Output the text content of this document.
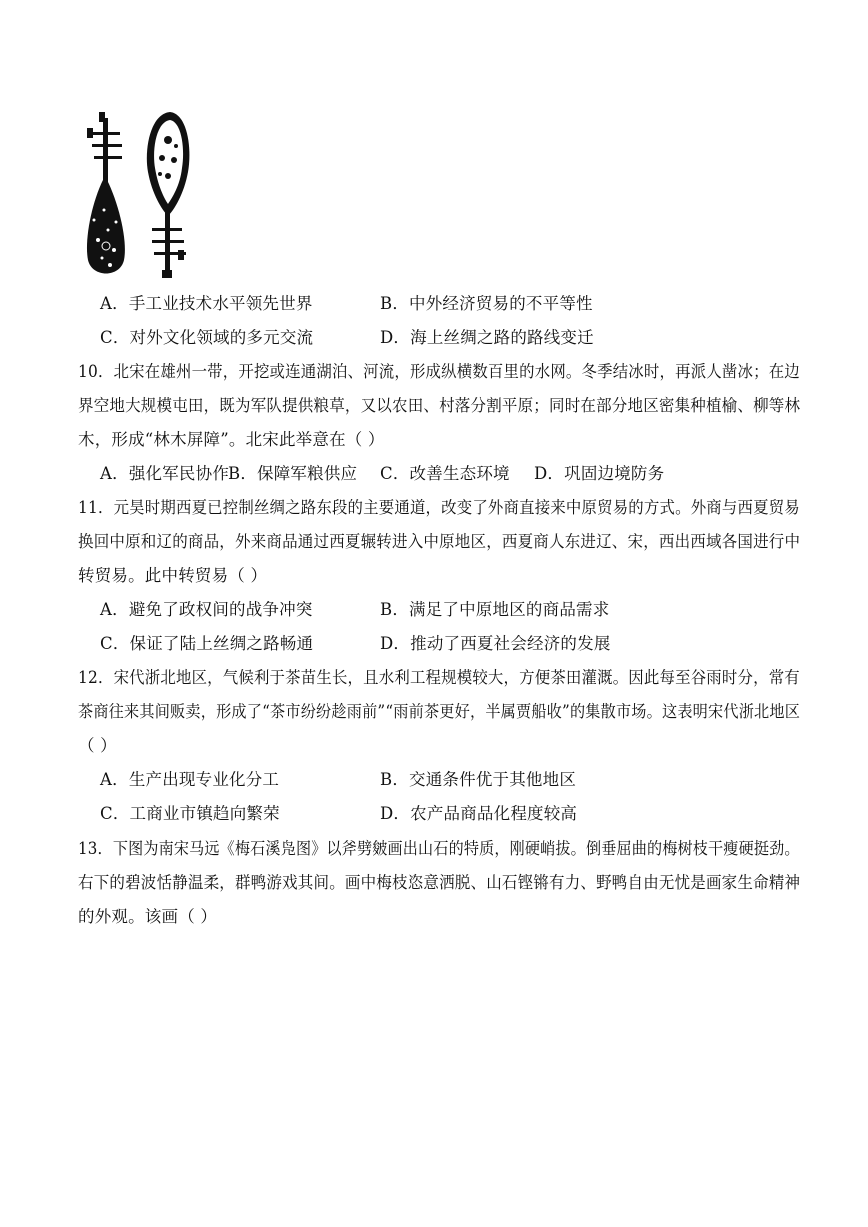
A．手工业技术水平领先世界	B．中外经济贸易的不平等性
C．对外文化领域的多元交流	D．海上丝绸之路的路线变迁
10．北宋在雄州一带，开挖或连通湖泊、河流，形成纵横数百里的水网。冬季结冰时，再派人凿冰；在边
界空地大规模屯田，既为军队提供粮草，又以农田、村落分割平原；同时在部分地区密集种植榆、柳等林
木，形成“林木屏障”。北宋此举意在（ ）
A．强化军民协作
B．保障军粮供应 C．改善生态环境 D．巩固边境防务
11．元昊时期西夏已控制丝绸之路东段的主要通道，改变了外商直接来中原贸易的方式。外商与西夏贸易
换回中原和辽的商品，外来商品通过西夏辗转进入中原地区，西夏商人东进辽、宋，西出西域各国进行中
转贸易。此中转贸易（ ）
A．避免了政权间的战争冲突	B．满足了中原地区的商品需求
C．保证了陆上丝绸之路畅通	D．推动了西夏社会经济的发展
12．宋代浙北地区，气候利于茶苗生长，且水利工程规模较大，方便茶田灌溉。因此每至谷雨时分，常有
茶商往来其间贩卖，形成了“茶市纷纷趁雨前”“雨前茶更好，半属贾船收”的集散市场。这表明宋代浙北地区
（ ）
A．生产出现专业化分工	B．交通条件优于其他地区
C．工商业市镇趋向繁荣	D．农产品商品化程度较高
13．下图为南宋马远《梅石溪凫图》以斧劈皴画出山石的特质，刚硬峭拔。倒垂屈曲的梅树枝干瘦硬挺劲。
右下的碧波恬静温柔，群鸭游戏其间。画中梅枝恣意洒脱、山石铿锵有力、野鸭自由无忧是画家生命精神
的外观。该画（ ）
